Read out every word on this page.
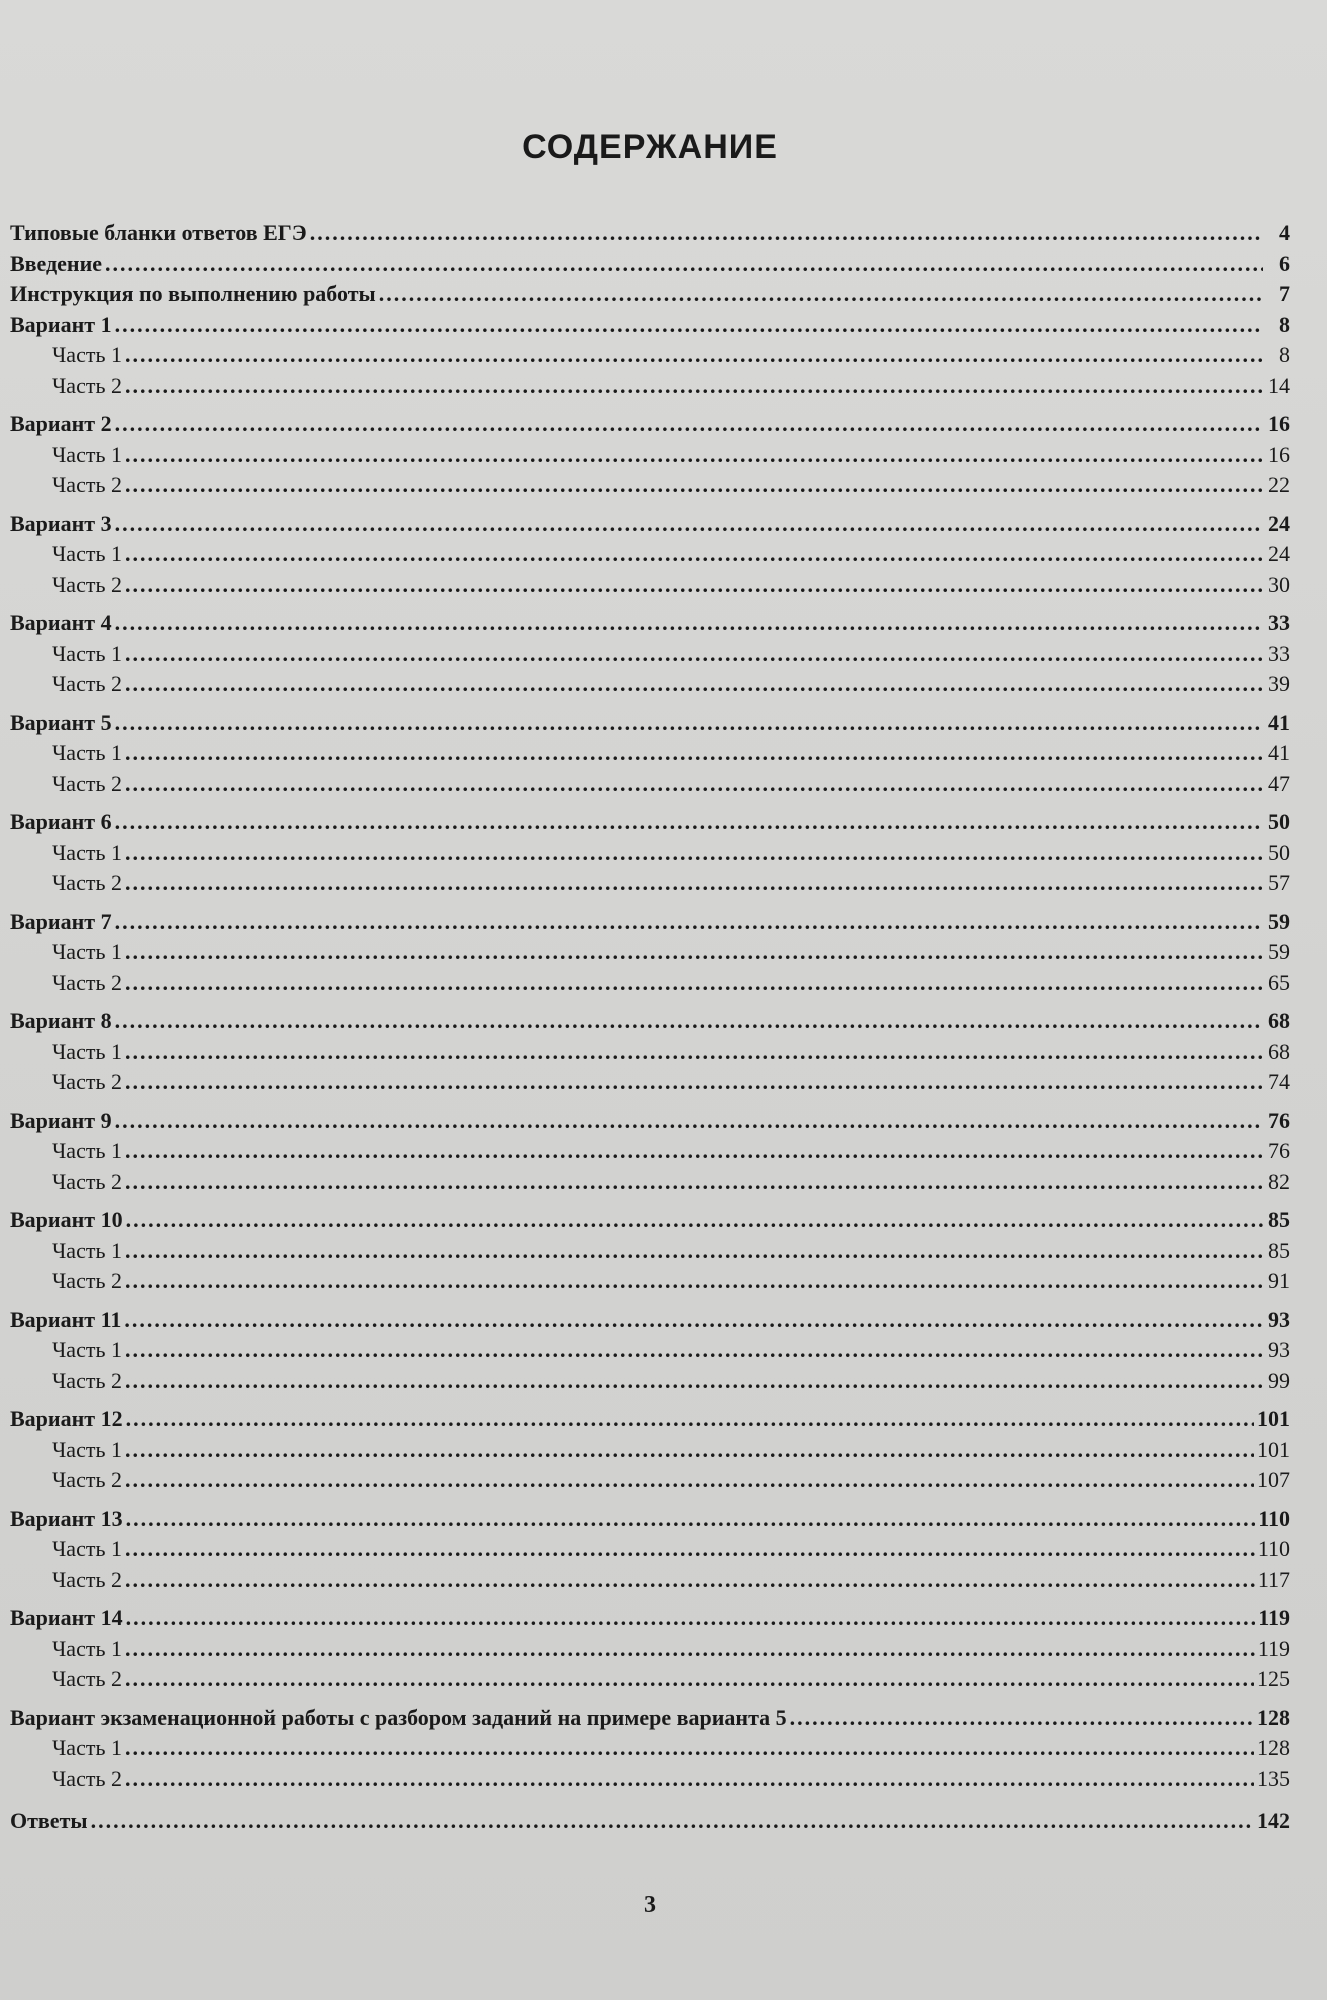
СОДЕРЖАНИЕ
Типовые бланки ответов ЕГЭ .....	4
Введение .....	6
Инструкция по выполнению работы .....	7
Вариант 1 .....	8
Часть 1 .....	8
Часть 2 .....	14
Вариант 2 .....	16
Часть 1 .....	16
Часть 2 .....	22
Вариант 3 .....	24
Часть 1 .....	24
Часть 2 .....	30
Вариант 4 .....	33
Часть 1 .....	33
Часть 2 .....	39
Вариант 5 .....	41
Часть 1 .....	41
Часть 2 .....	47
Вариант 6 .....	50
Часть 1 .....	50
Часть 2 .....	57
Вариант 7 .....	59
Часть 1 .....	59
Часть 2 .....	65
Вариант 8 .....	68
Часть 1 .....	68
Часть 2 .....	74
Вариант 9 .....	76
Часть 1 .....	76
Часть 2 .....	82
Вариант 10 .....	85
Часть 1 .....	85
Часть 2 .....	91
Вариант 11 .....	93
Часть 1 .....	93
Часть 2 .....	99
Вариант 12 .....	101
Часть 1 .....	101
Часть 2 .....	107
Вариант 13 .....	110
Часть 1 .....	110
Часть 2 .....	117
Вариант 14 .....	119
Часть 1 .....	119
Часть 2 .....	125
Вариант экзаменационной работы с разбором заданий на примере варианта 5 .....	128
Часть 1 .....	128
Часть 2 .....	135
Ответы .....	142
3
